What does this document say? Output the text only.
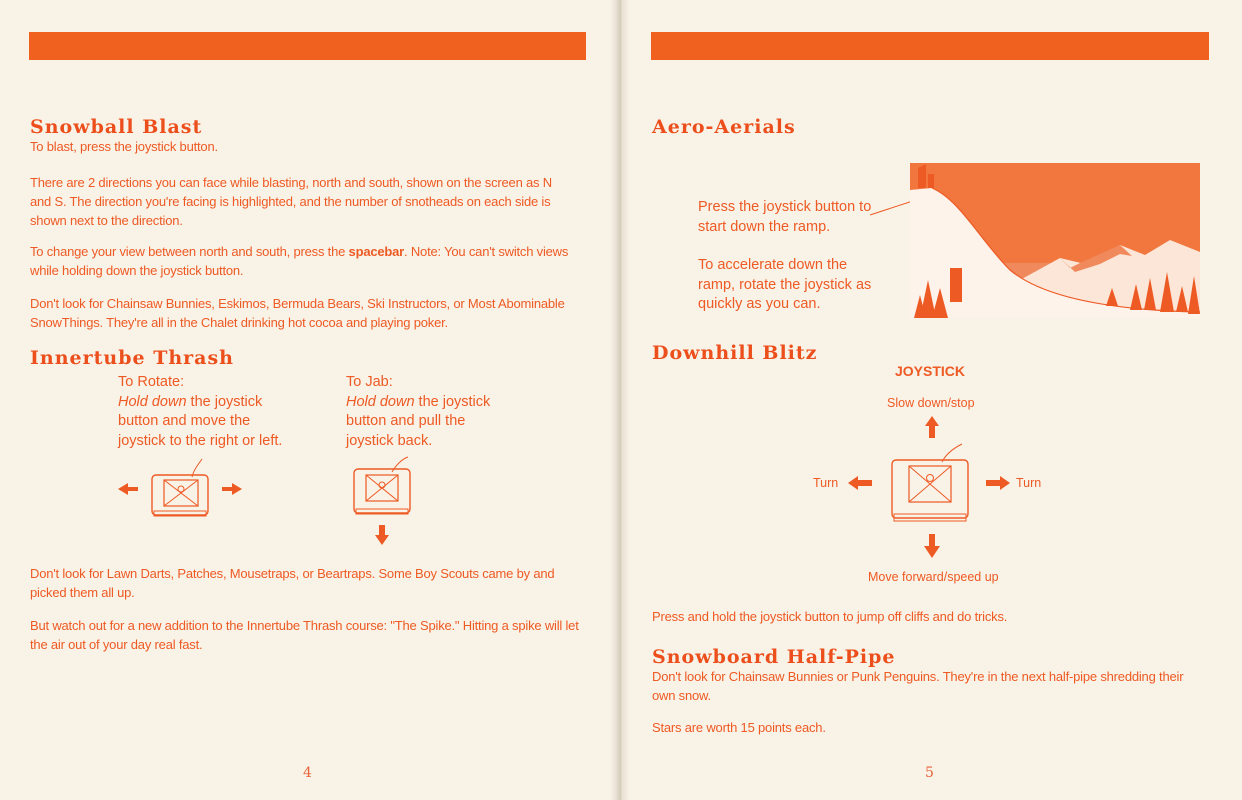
Snowball Blast

To blast, press the joystick button.

There are 2 directions you can face while blasting, north and south, shown on the screen as N and S. The direction you're facing is highlighted, and the number of snotheads on each side is shown next to the direction.

To change your view between north and south, press the spacebar. Note: You can't switch views while holding down the joystick button.

Don't look for Chainsaw Bunnies, Eskimos, Bermuda Bears, Ski Instructors, or Most Abominable SnowThings. They're all in the Chalet drinking hot cocoa and playing poker.

Innertube Thrash
To Rotate:
Hold down the joystick button and move the joystick to the right or left.
To Jab:
Hold down the joystick button and pull the joystick back.

Don't look for Lawn Darts, Patches, Mousetraps, or Beartraps. Some Boy Scouts came by and picked them all up.

But watch out for a new addition to the Innertube Thrash course: "The Spike." Hitting a spike will let the air out of your day real fast.

4
Aero-Aerials

Press the joystick button to start down the ramp.

To accelerate down the ramp, rotate the joystick as quickly as you can.

Downhill Blitz
JOYSTICK
Slow down/stop
Turn	Turn
Move forward/speed up

Press and hold the joystick button to jump off cliffs and do tricks.

Snowboard Half-Pipe

Don't look for Chainsaw Bunnies or Punk Penguins. They're in the next half-pipe shredding their own snow.

Stars are worth 15 points each.

5
